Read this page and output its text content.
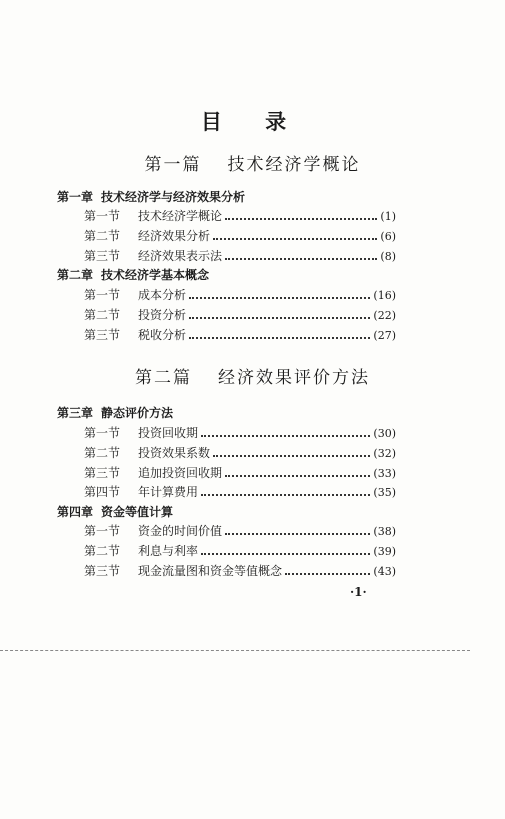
目 录
第一篇 技术经济学概论
第一章 技术经济学与经济效果分析
第一节	技术经济学概论	(1)
第二节	经济效果分析	(6)
第三节	经济效果表示法	(8)
第二章 技术经济学基本概念
第一节	成本分析	(16)
第二节	投资分析	(22)
第三节	税收分析	(27)
第二篇 经济效果评价方法
第三章 静态评价方法
第一节	投资回收期	(30)
第二节	投资效果系数	(32)
第三节	追加投资回收期	(33)
第四节	年计算费用	(35)
第四章 资金等值计算
第一节	资金的时间价值	(38)
第二节	利息与利率	(39)
第三节	现金流量图和资金等值概念	(43)
·1·
